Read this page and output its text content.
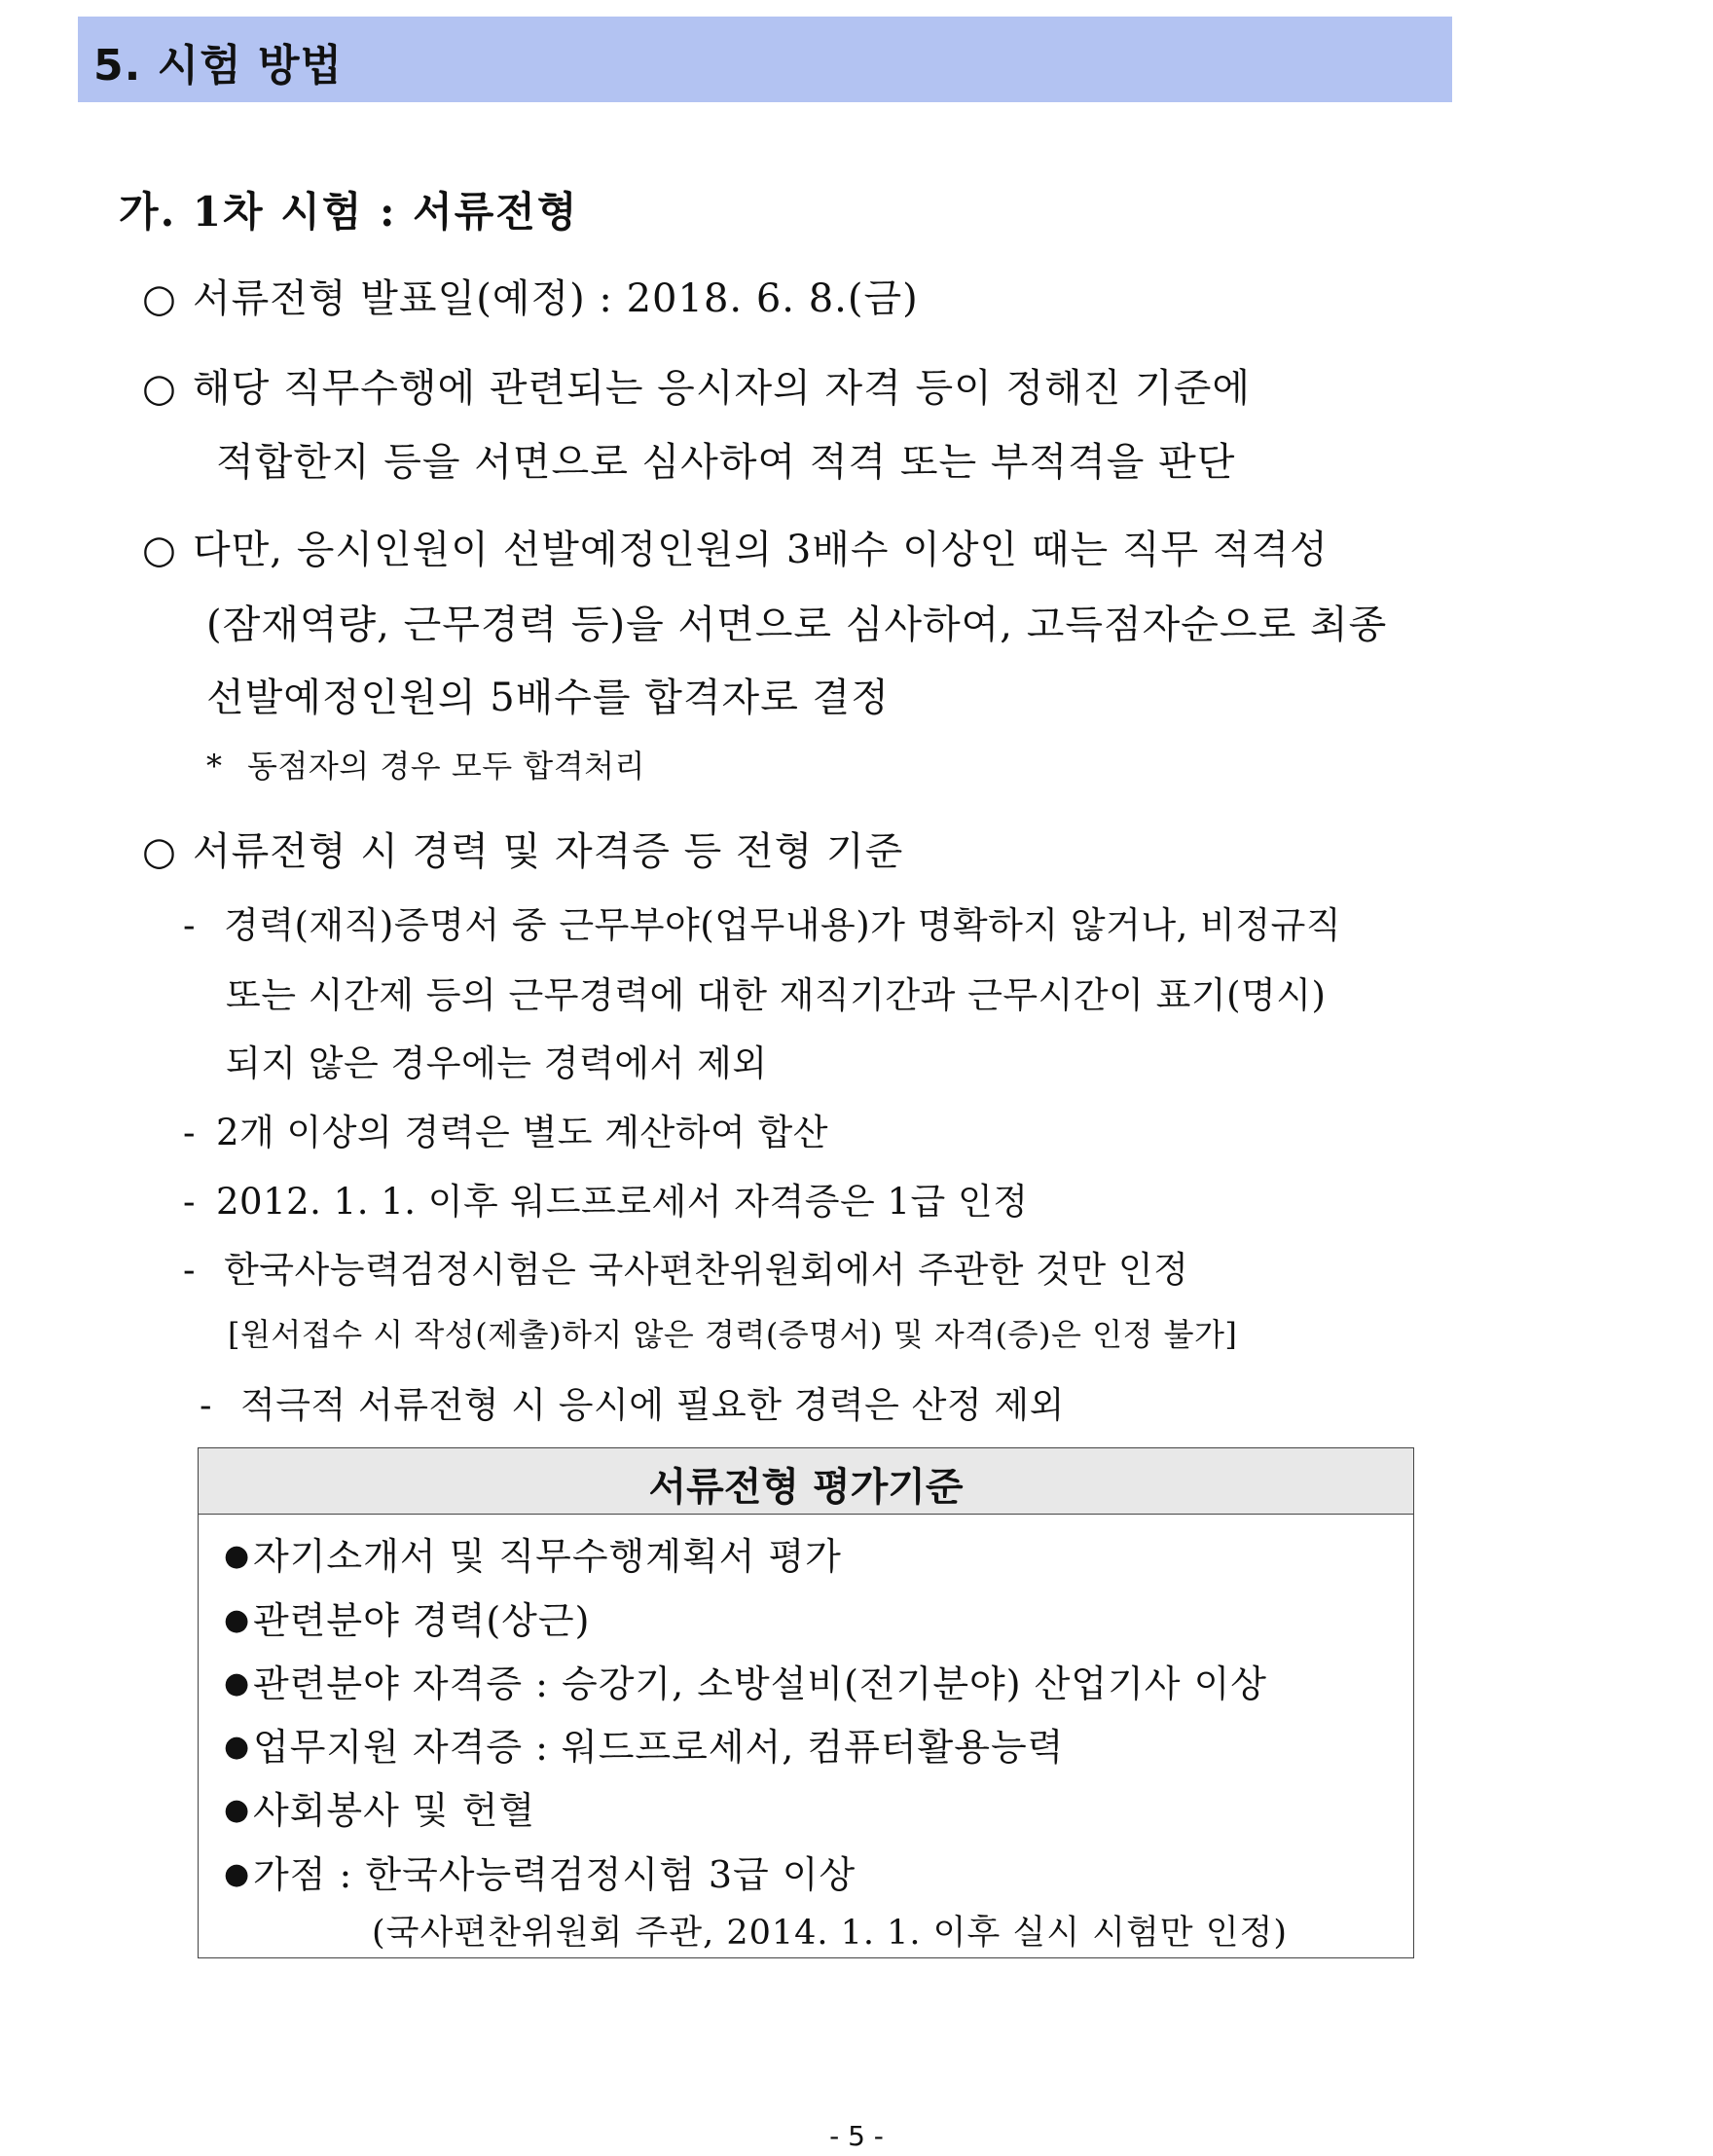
5. 시험 방법
가. 1차 시험 : 서류전형
○ 서류전형 발표일(예정) : 2018. 6. 8.(금)
○ 해당 직무수행에 관련되는 응시자의 자격 등이 정해진 기준에
적합한지 등을 서면으로 심사하여 적격 또는 부적격을 판단
○ 다만, 응시인원이 선발예정인원의 3배수 이상인 때는 직무 적격성
(잠재역량, 근무경력 등)을 서면으로 심사하여, 고득점자순으로 최종
선발예정인원의 5배수를 합격자로 결정
* 동점자의 경우 모두 합격처리
○ 서류전형 시 경력 및 자격증 등 전형 기준
- 경력(재직)증명서 중 근무부야(업무내용)가 명확하지 않거나, 비정규직
또는 시간제 등의 근무경력에 대한 재직기간과 근무시간이 표기(명시)
되지 않은 경우에는 경력에서 제외
- 2개 이상의 경력은 별도 계산하여 합산
- 2012. 1. 1. 이후 워드프로세서 자격증은 1급 인정
- 한국사능력검정시험은 국사편찬위원회에서 주관한 것만 인정
[원서접수 시 작성(제출)하지 않은 경력(증명서) 및 자격(증)은 인정 불가]
- 적극적 서류전형 시 응시에 필요한 경력은 산정 제외
서류전형 평가기준
●자기소개서 및 직무수행계획서 평가
●관련분야 경력(상근)
●관련분야 자격증 : 승강기, 소방설비(전기분야) 산업기사 이상
●업무지원 자격증 : 워드프로세서, 컴퓨터활용능력
●사회봉사 및 헌혈
●가점 : 한국사능력검정시험 3급 이상
(국사편찬위원회 주관, 2014. 1. 1. 이후 실시 시험만 인정)
- 5 -
